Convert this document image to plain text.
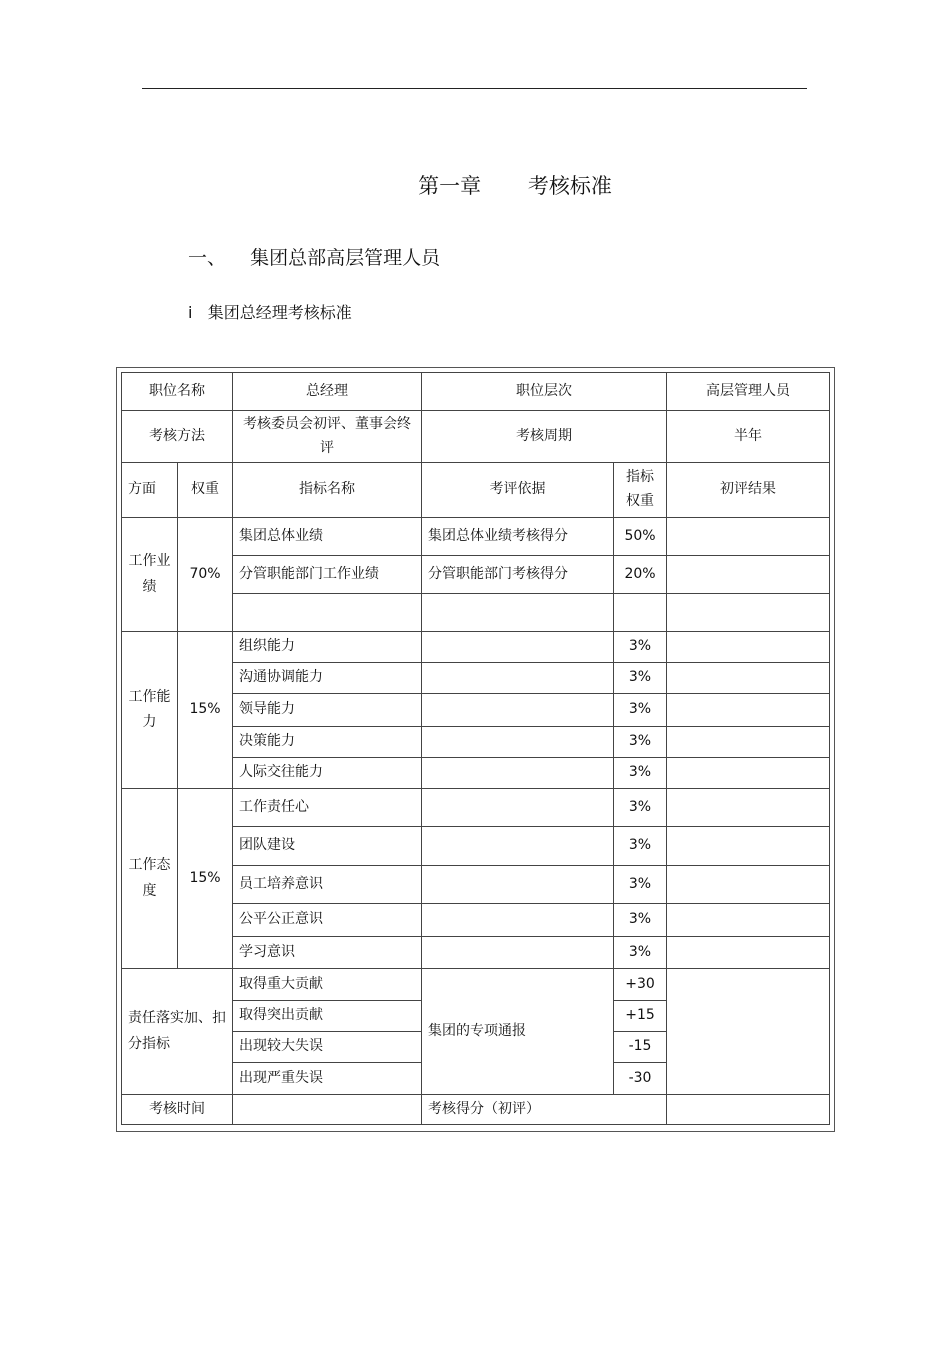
第一章       考核标准
一、    集团总部高层管理人员
i   集团总经理考核标准
职位名称		总经理	职位层次		高层管理人员
考核方法		考核委员会初评、董事会终评	考核周期		半年
方面	权重	指标名称	考评依据	指标权重	初评结果
工作业绩	70%	集团总体业绩	集团总体业绩考核得分	50%	
		分管职能部门工作业绩	分管职能部门考核得分	20%	

工作能力	15%	组织能力		3%	
		沟通协调能力		3%	
		领导能力		3%	
		决策能力		3%	
		人际交往能力		3%	
工作态度	15%	工作责任心		3%	
		团队建设		3%	
		员工培养意识		3%	
		公平公正意识		3%	
		学习意识		3%	
责任落实加、扣分指标		取得重大贡献	集团的专项通报	+30	
		取得突出贡献		+15	
		出现较大失误		-15	
		出现严重失误		-30	
考核时间			考核得分（初评）		
